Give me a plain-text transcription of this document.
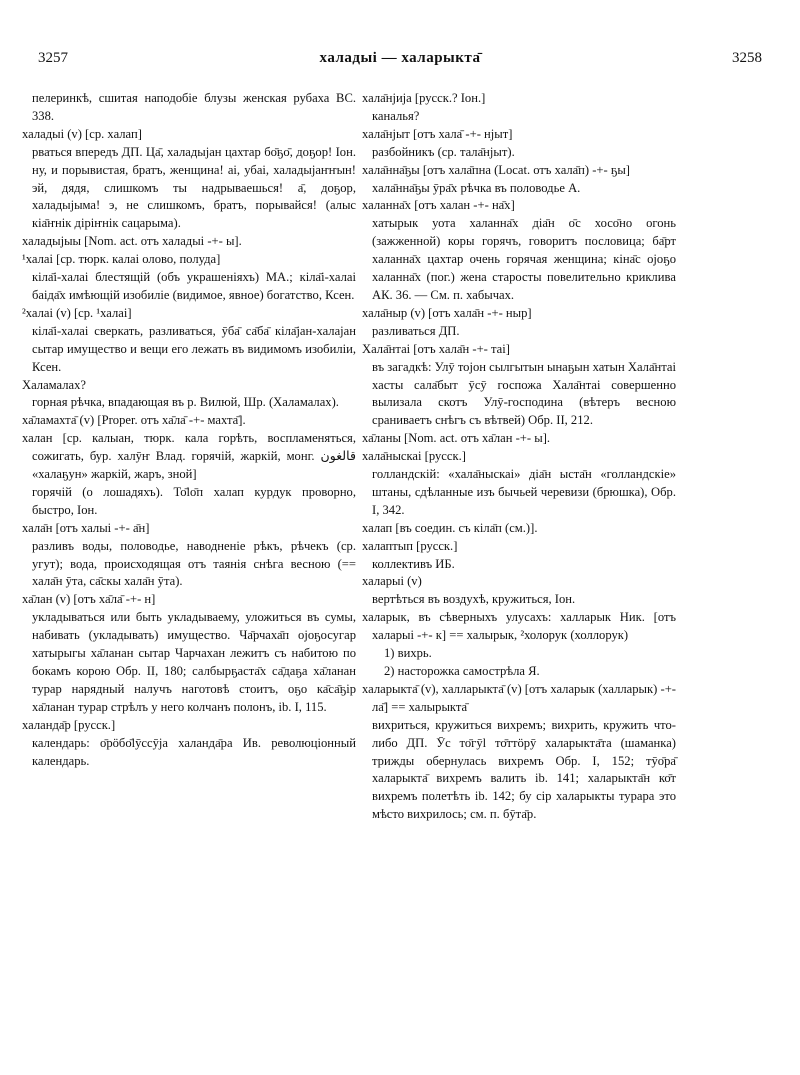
3257	халадыі — халарыкта̄	3258

пелеринкѣ, сшитая наподобіе блузы женская рубаха ВС. 338.

халадыі (v) [ср. халап]

рваться впередъ ДП. Ца̄, халадыјан цахтар бо̄ҕо̄, доҕор! Іон. ну, и порывистая, братъ, женщина! аі, убаі, халадыјаҥҥын! эй, дядя, слишкомъ ты надрываешься! а̄, доҕор, халадыјыма! э, не слишкомъ, братъ, порывайся! (алыс кіа̄ҥнік діріҥнік сацарыма).

халадыјыы [Nom. act. отъ халадыі -+- ы].

¹халаі [ср. тюрк. калаі олово, полуда]

кіла̄і-халаі блестящій (объ украшеніяхъ) МА.; кіла̄і-халаі баіда̄х имѣющій изобиліе (видимое, явное) богатство, Ксен.

²халаі (v) [ср. ¹халаі]

кіла̄і-халаі сверкать, разливаться, ӯба̄ са̄ба̄ кіла̄јан-халајан сытар имущество и вещи его лежать въ видимомъ изобиліи, Ксен.

Халамалах?

горная рѣчка, впадающая въ р. Вилюй, Шр. (Халамалах).

ха̄ламахта̄ (v) [Proper. отъ ха̄ла̄ -+- махта̄].

халан [ср. калыан, тюрк. кала горѣть, воспламеняться, сожигать, бур. халӯҥ Влад. горячій, жаркій, монг. قالغون «халаҕун» жаркій, жаръ, зной]

горячій (о лошадяхъ). То̄lо̄п халап курдук проворно, быстро, Іон.

хала̄н [отъ халыі -+- а̄н]

разливъ воды, половодье, наводненіе рѣкъ, рѣчекъ (ср. угут); вода, происходящая отъ таянія снѣга весною (== хала̄н ӯта, са̄скы хала̄н ӯта).

ха̄лан (v) [отъ ха̄ла̄ -+- н]

укладываться или быть укладываему, уложиться въ сумы, набивать (укладывать) имущество. Ча̄рчаха̄п ојоҕосугар хатырыгы ха̄ланан сытар Чарчахан лежитъ съ набитою по бокамъ корою Обр. II, 180; салбырҕаста̄х са̄даҕа ха̄ланан турар нарядный налучъ наготовѣ стоитъ, оҕо ка̄са̄ҕір ха̄ланан турар стрѣлъ у него колчанъ полонъ, ib. I, 115.

халанда̄р [русск.]

календарь: о̄рӧбо̄lӯссӯја халанда̄ра Ив. революціонный календарь.

хала̄нјија [русск.? Іон.]

каналья?

хала̄нјыт [отъ хала̄ -+- нјыт]

разбойникъ (ср. тала̄нјыт).

хала̄нна̄ҕы [отъ хала̄пна (Locat. отъ хала̄п) -+- ҕы]

хала̄нна̄ҕы ӯра̄х рѣчка въ половодье А.

халанна̄х [отъ халан -+- на̄х]

хатырык уота халанна̄х діа̄н о̄с хосо̄но огонь (зажженной) коры горячъ, говоритъ пословица; ба̄рт халанна̄х цахтар очень горячая женщина; кіна̄с ојоҕо халанна̄х (пог.) жена старосты повелительно крикливa АК. 36. — См. п. хабычах.

хала̄ныр (v) [отъ хала̄н -+- ныр]

разливаться ДП.

Хала̄нтаі [отъ хала̄н -+- таі]

въ загадкѣ: Улӯ тојон сылгытын ынаҕын хатын Хала̄нтаі хасты сала̄быт ӯсӯ госпожа Хала̄нтаі совершенно вылизала скотъ Улӯ-господина (вѣтеръ весною сраниваетъ снѣгъ съ вѣтвей) Обр. II, 212.

ха̄ланы [Nom. act. отъ ха̄лан -+- ы].

хала̄ныскаі [русск.]

голландскій: «хала̄ныскаі» діа̄н ыста̄н «голландскіе» штаны, сдѣланные изъ бычьей черевизи (брюшка), Обр. I, 342.

халап [въ соедин. съ кіла̄п (см.)].

халаптып [русск.]

коллективъ ИБ.

халарыі (v)

вертѣться въ воздухѣ, кружиться, Іон.

халарык, въ сѣверныхъ улусахъ: халларык Ник. [отъ халарыі -+- к] == халырык, ²холорук (холлорук)

1) вихрь.

2) насторожка самострѣла Я.

халарыкта̄ (v), халларыкта̄ (v) [отъ халарык (халларык) -+- ла̄] == халырыкта̄

вихриться, кружиться вихремъ; вихрить, кружить что-либо ДП. Ӯс то̄гӯl то̄ттӧрӯ халарыкта̄та (шаманка) трижды обернулась вихремъ Обр. I, 152; тӯо̄ра̄ халарыкта̄ вихремъ валить ib. 141; халарыкта̄н ко̄т вихремъ полетѣть ib. 142; бу сір халарыкты турара это мѣсто вихрилось; см. п. бӯта̄р.
